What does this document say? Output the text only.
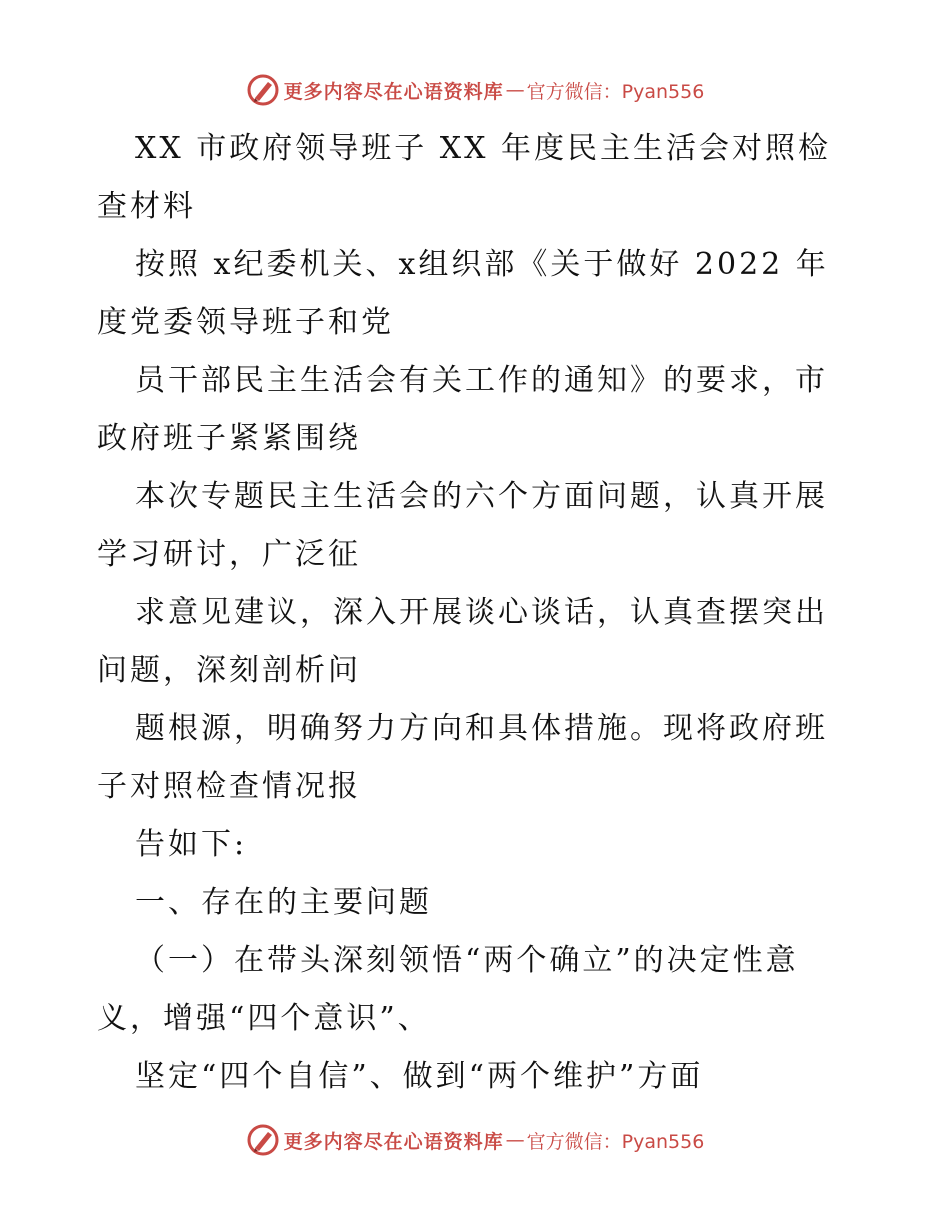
更多内容尽在心语资料库 — 官方微信：Pyan556
XX 市政府领导班子 XX 年度民主生活会对照检
查材料
按照 x纪委机关、x组织部《关于做好 2022 年
度党委领导班子和党
员干部民主生活会有关工作的通知》的要求，市
政府班子紧紧围绕
本次专题民主生活会的六个方面问题，认真开展
学习研讨，广泛征
求意见建议，深入开展谈心谈话，认真查摆突出
问题，深刻剖析问
题根源，明确努力方向和具体措施。现将政府班
子对照检查情况报
告如下:
一、存在的主要问题
（一）在带头深刻领悟“两个确立”的决定性意
义，增强“四个意识”、
坚定“四个自信”、做到“两个维护”方面
更多内容尽在心语资料库 — 官方微信：Pyan556
